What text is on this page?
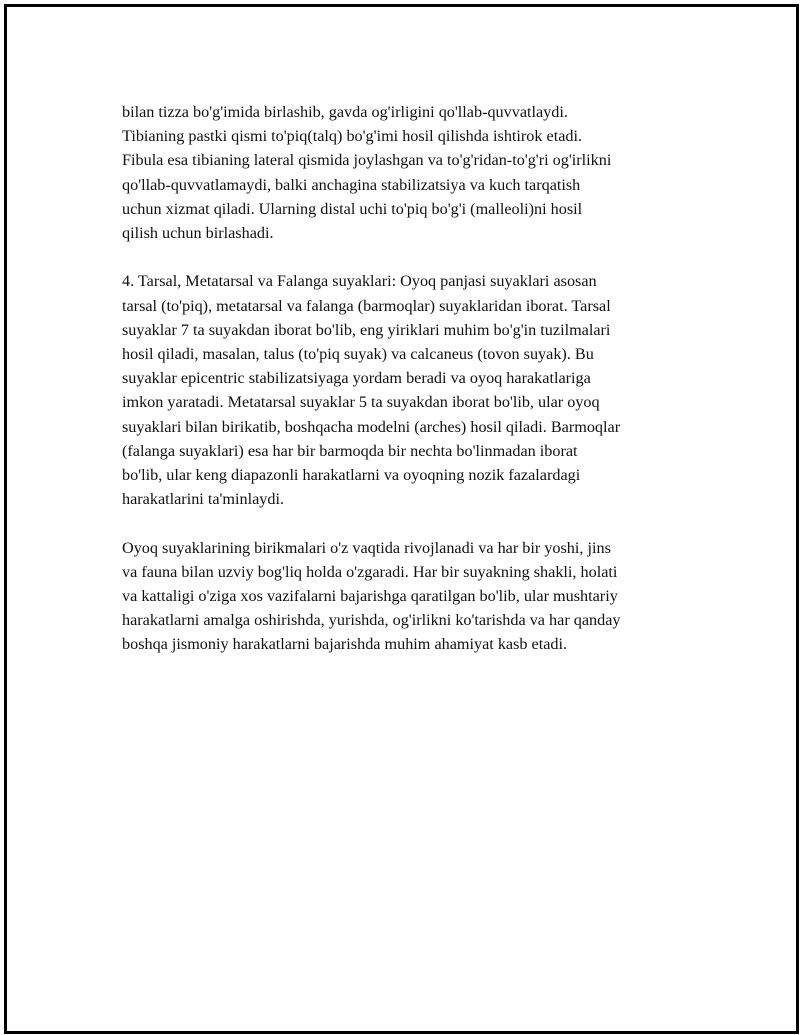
bilan tizza bo'g'imida birlashib, gavda og'irligini qo'llab-quvvatlaydi.
Tibianing pastki qismi to'piq(talq) bo'g'imi hosil qilishda ishtirok etadi.
Fibula esa tibianing lateral qismida joylashgan va to'g'ridan-to'g'ri og'irlikni
qo'llab-quvvatlamaydi, balki anchagina stabilizatsiya va kuch tarqatish
uchun xizmat qiladi. Ularning distal uchi to'piq bo'g'i (malleoli)ni hosil
qilish uchun birlashadi.

4. Tarsal, Metatarsal va Falanga suyaklari: Oyoq panjasi suyaklari asosan
tarsal (to'piq), metatarsal va falanga (barmoqlar) suyaklaridan iborat. Tarsal
suyaklar 7 ta suyakdan iborat bo'lib, eng yiriklari muhim bo'g'in tuzilmalari
hosil qiladi, masalan, talus (to'piq suyak) va calcaneus (tovon suyak). Bu
suyaklar epicentric stabilizatsiyaga yordam beradi va oyoq harakatlariga
imkon yaratadi. Metatarsal suyaklar 5 ta suyakdan iborat bo'lib, ular oyoq
suyaklari bilan birikatib, boshqacha modelni (arches) hosil qiladi. Barmoqlar
(falanga suyaklari) esa har bir barmoqda bir nechta bo'linmadan iborat
bo'lib, ular keng diapazonli harakatlarni va oyoqning nozik fazalardagi
harakatlarini ta'minlaydi.

Oyoq suyaklarining birikmalari o'z vaqtida rivojlanadi va har bir yoshi, jins
va fauna bilan uzviy bog'liq holda o'zgaradi. Har bir suyakning shakli, holati
va kattaligi o'ziga xos vazifalarni bajarishga qaratilgan bo'lib, ular mushtariy
harakatlarni amalga oshirishda, yurishda, og'irlikni ko'tarishda va har qanday
boshqa jismoniy harakatlarni bajarishda muhim ahamiyat kasb etadi.
